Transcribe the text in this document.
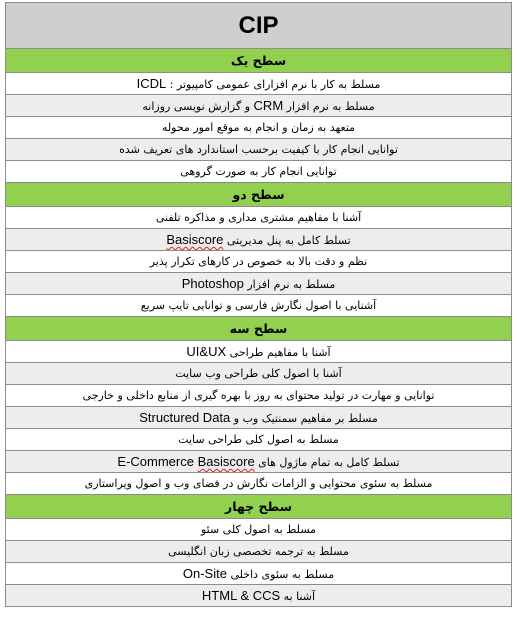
CIP
سطح یک
مسلط به کار با نرم افزارای عمومی کامپیوتر : ICDL
مسلط به نرم افزار CRM و گزارش نویسی روزانه
متعهد به زمان و انجام به موقع امور محوله
توانایی انجام کار با کیفیت برحسب استاندارد های تعریف شده
توانایی انجام کار به صورت گروهی
سطح دو
آشنا با مفاهیم مشتری مداری و مذاکره تلفنی
تسلط کامل به پنل مدیریتی Basiscore
نظم و دقت بالا به خصوص در کارهای تکرار پذیر
مسلط به نرم افزار Photoshop
آشنایی با اصول نگارش فارسی و توانایی تایپ سریع
سطح سه
آشنا با مفاهیم طراحی UI&UX
آشنا با اصول کلی طراحی وب سایت
توانایی و مهارت در تولید محتوای به روز با بهره گیری از منابع داخلی و خارجی
مسلط بر مفاهیم سمنتیک وب و Structured Data
مسلط به اصول کلی طراحی سایت
تسلط کامل به تمام ماژول های E-Commerce Basiscore
مسلط به سئوی محتوایی و الزامات نگارش در فضای وب و اصول ویراستاری
سطح چهار
مسلط به اصول کلی سئو
مسلط به ترجمه تخصصی زبان انگلیسی
مسلط به سئوی داخلی On-Site
آشنا به HTML & CCS
